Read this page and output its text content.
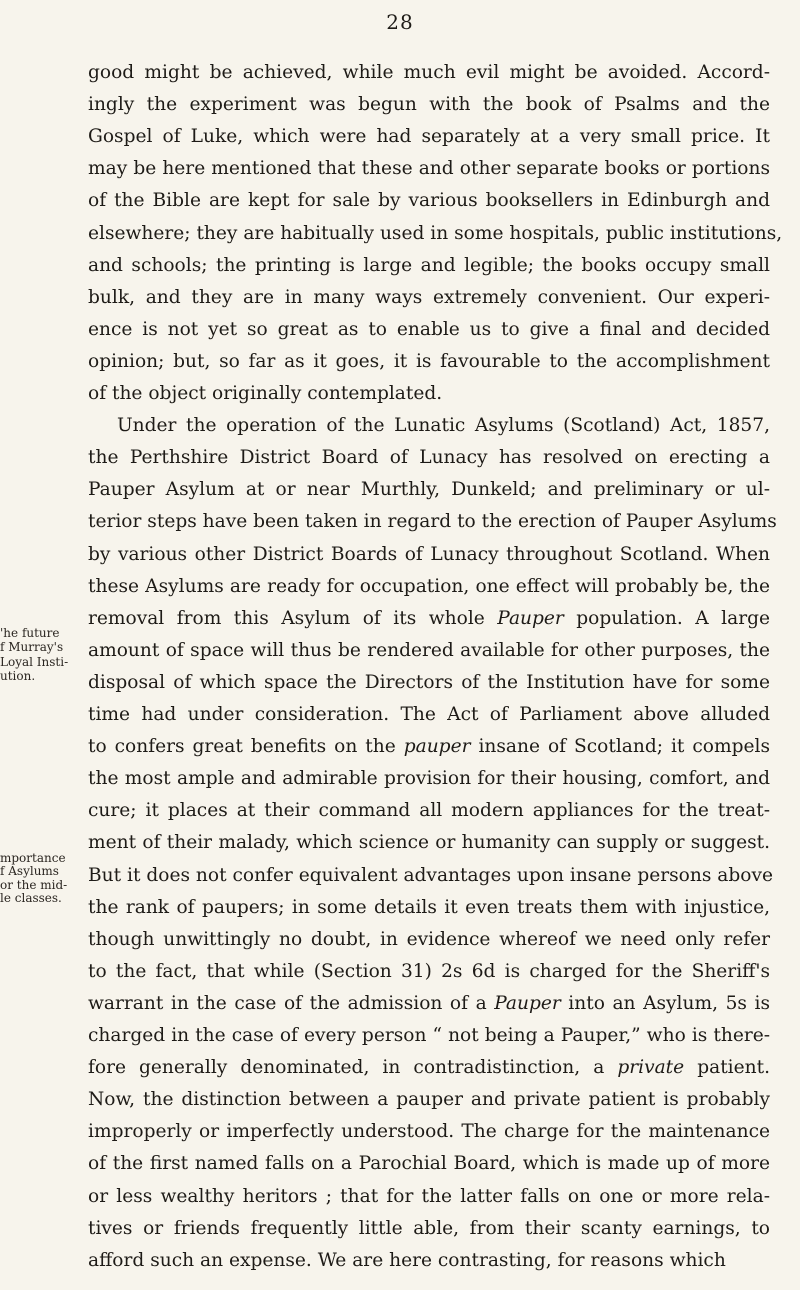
28
good might be achieved, while much evil might be avoided. Accord-
ingly the experiment was begun with the book of Psalms and the
Gospel of Luke, which were had separately at a very small price. It
may be here mentioned that these and other separate books or portions
of the Bible are kept for sale by various booksellers in Edinburgh and
elsewhere; they are habitually used in some hospitals, public institutions,
and schools; the printing is large and legible; the books occupy small
bulk, and they are in many ways extremely convenient. Our experi-
ence is not yet so great as to enable us to give a final and decided
opinion; but, so far as it goes, it is favourable to the accomplishment
of the object originally contemplated.
Under the operation of the Lunatic Asylums (Scotland) Act, 1857,
the Perthshire District Board of Lunacy has resolved on erecting a
Pauper Asylum at or near Murthly, Dunkeld; and preliminary or ul-
terior steps have been taken in regard to the erection of Pauper Asylums
by various other District Boards of Lunacy throughout Scotland. When
these Asylums are ready for occupation, one effect will probably be, the
removal from this Asylum of its whole Pauper population. A large
amount of space will thus be rendered available for other purposes, the
disposal of which space the Directors of the Institution have for some
time had under consideration. The Act of Parliament above alluded
to confers great benefits on the pauper insane of Scotland; it compels
the most ample and admirable provision for their housing, comfort, and
cure; it places at their command all modern appliances for the treat-
ment of their malady, which science or humanity can supply or suggest.
But it does not confer equivalent advantages upon insane persons above
the rank of paupers; in some details it even treats them with injustice,
though unwittingly no doubt, in evidence whereof we need only refer
to the fact, that while (Section 31) 2s 6d is charged for the Sheriff's
warrant in the case of the admission of a Pauper into an Asylum, 5s is
charged in the case of every person “ not being a Pauper,” who is there-
fore generally denominated, in contradistinction, a private patient.
Now, the distinction between a pauper and private patient is probably
improperly or imperfectly understood. The charge for the maintenance
of the first named falls on a Parochial Board, which is made up of more
or less wealthy heritors ; that for the latter falls on one or more rela-
tives or friends frequently little able, from their scanty earnings, to
afford such an expense. We are here contrasting, for reasons which
'he future
f Murray's
Loyal Insti-
ution.
mportance
f Asylums
or the mid-
le classes.
